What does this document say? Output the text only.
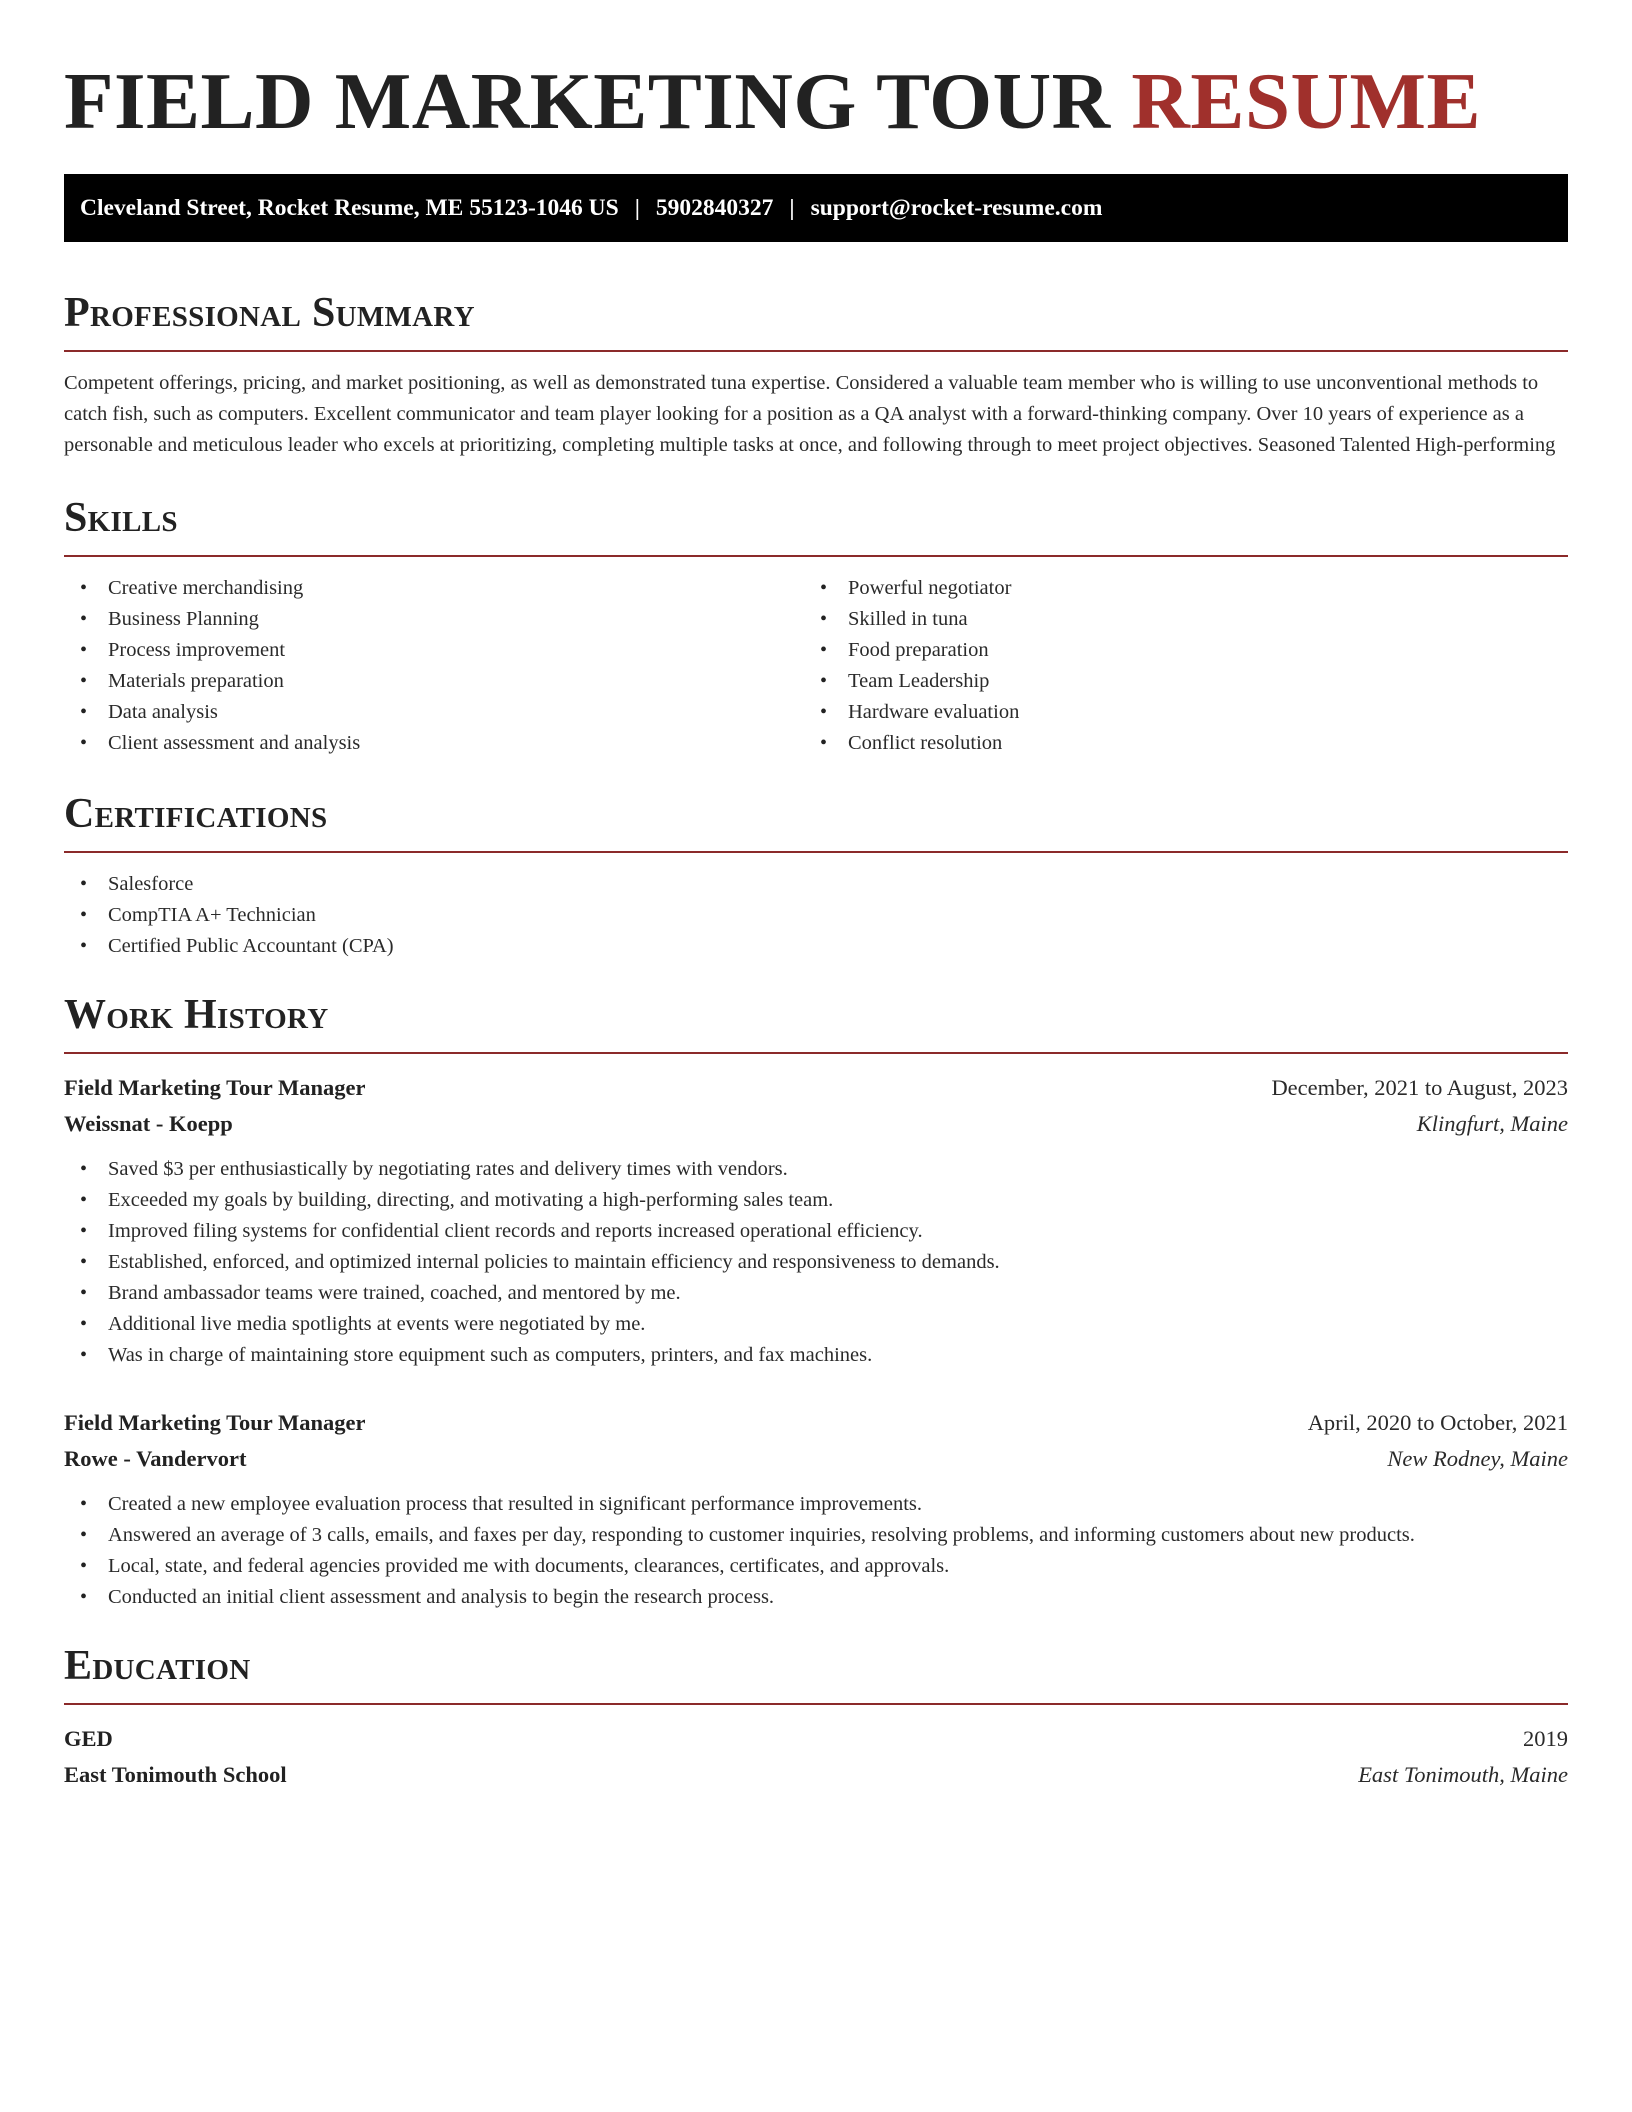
FIELD MARKETING TOUR RESUME
Cleveland Street, Rocket Resume, ME 55123-1046 US | 5902840327 | support@rocket-resume.com
Professional Summary

Competent offerings, pricing, and market positioning, as well as demonstrated tuna expertise. Considered a valuable team member who is willing to use unconventional methods to catch fish, such as computers. Excellent communicator and team player looking for a position as a QA analyst with a forward-thinking company. Over 10 years of experience as a personable and meticulous leader who excels at prioritizing, completing multiple tasks at once, and following through to meet project objectives. Seasoned Talented High-performing

Skills
• Creative merchandising
• Business Planning
• Process improvement
• Materials preparation
• Data analysis
• Client assessment and analysis
• Powerful negotiator
• Skilled in tuna
• Food preparation
• Team Leadership
• Hardware evaluation
• Conflict resolution
Certifications
• Salesforce
• CompTIA A+ Technician
• Certified Public Accountant (CPA)
Work History
Field Marketing Tour Manager	December, 2021 to August, 2023
Weissnat - Koepp	Klingfurt, Maine
• Saved $3 per enthusiastically by negotiating rates and delivery times with vendors.
• Exceeded my goals by building, directing, and motivating a high-performing sales team.
• Improved filing systems for confidential client records and reports increased operational efficiency.
• Established, enforced, and optimized internal policies to maintain efficiency and responsiveness to demands.
• Brand ambassador teams were trained, coached, and mentored by me.
• Additional live media spotlights at events were negotiated by me.
• Was in charge of maintaining store equipment such as computers, printers, and fax machines.
Field Marketing Tour Manager	April, 2020 to October, 2021
Rowe - Vandervort	New Rodney, Maine
• Created a new employee evaluation process that resulted in significant performance improvements.
• Answered an average of 3 calls, emails, and faxes per day, responding to customer inquiries, resolving problems, and informing customers about new products.
• Local, state, and federal agencies provided me with documents, clearances, certificates, and approvals.
• Conducted an initial client assessment and analysis to begin the research process.
Education
GED	2019
East Tonimouth School	East Tonimouth, Maine
